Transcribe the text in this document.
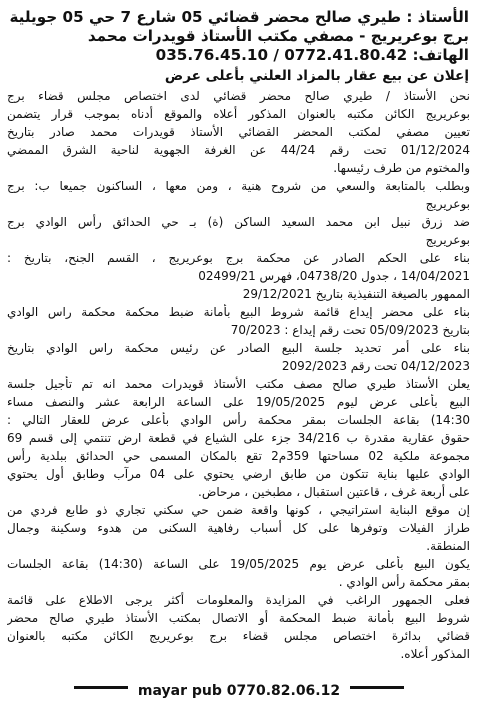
الأستاذ : طيري صالح محضر قضائي 05 شارع 7 حي 05 جويلية
برج بوعريريج - مصفي مكتب الأستاذ قويدرات محمد
الهاتف: 035.76.45.10 / 0772.41.80.42
إعلان عن بيع عقار بالمزاد العلني بأعلى عرض
نحن الأستاذ / طيري صالح محضر قضائي لدى اختصاص مجلس قضاء برج
بوعريريج الكائن مكتبه بالعنوان المذكور أعلاه والموقع أدناه بموجب قرار يتضمن
تعيين مصفي لمكتب المحضر القضائي الأستاذ قويدرات محمد صادر بتاريخ
01/12/2024 تحت رقم 44/24 عن الغرفة الجهوية لناحية الشرق الممضي
والمختوم من طرف رئيسها.
وبطلب بالمتابعة والسعي من شروح هنية ، ومن معها ، الساكنون جميعا ب: برج
بوعريريج
ضد زرق نبيل ابن محمد السعيد الساكن (ة) بـ حي الحدائق رأس الوادي برج
بوعريريج
بناء على الحكم الصادر عن محكمة برج بوعريريج ، القسم الجنح، بتاريخ :
14/04/2021 ، جدول 04738/20، فهرس 02499/21
الممهور بالصيغة التنفيذية بتاريخ 29/12/2021
بناء على محضر إيداع قائمة شروط البيع بأمانة ضبط محكمة محكمة راس الوادي
بتاريخ 05/09/2023 تحت رقم إيداع : 70/2023
بناء على أمر تحديد جلسة البيع الصادر عن رئيس محكمة راس الوادي بتاريخ
04/12/2023 تحت رقم 2092/2023
يعلن الأستاذ طيري صالح مصف مكتب الأستاذ قويدرات محمد انه تم تأجيل جلسة
البيع بأعلى عرض ليوم 19/05/2025 على الساعة الرابعة عشر والنصف مساء
14:30) بقاعة الجلسات بمقر محكمة رأس الوادي بأعلى عرض للعقار التالي :
حقوق عقارية مقدرة ب 34/216 جزء على الشياع في قطعة ارض تنتمي إلى قسم 69
مجموعة ملكية 02 مساحتها 359م2 تقع بالمكان المسمى حي الحدائق ببلدية رأس
الوادي عليها بناية تتكون من طابق ارضي يحتوي على 04 مرآب وطابق أول يحتوي
على أربعة غرف ، قاعتين استقبال ، مطبخين ، مرحاض.
إن موقع البناية استراتيجي ، كونها واقعة ضمن حي سكني تجاري ذو طابع فردي من
طراز الفيلات وتوفرها على كل أسباب رفاهية السكنى من هدوء وسكينة وجمال
المنطقة.
يكون البيع بأعلى عرض يوم 19/05/2025 على الساعة (14:30) بقاعة الجلسات
بمقر محكمة رأس الوادي .
فعلى الجمهور الراغب في المزايدة والمعلومات أكثر يرجى الاطلاع على قائمة
شروط البيع بأمانة ضبط المحكمة أو الاتصال بمكتب الأستاذ طيري صالح محضر
قضائي بدائرة اختصاص مجلس قضاء برج بوعريريج الكائن مكتبه بالعنوان
المذكور أعلاه.
mayar pub 0770.82.06.12
